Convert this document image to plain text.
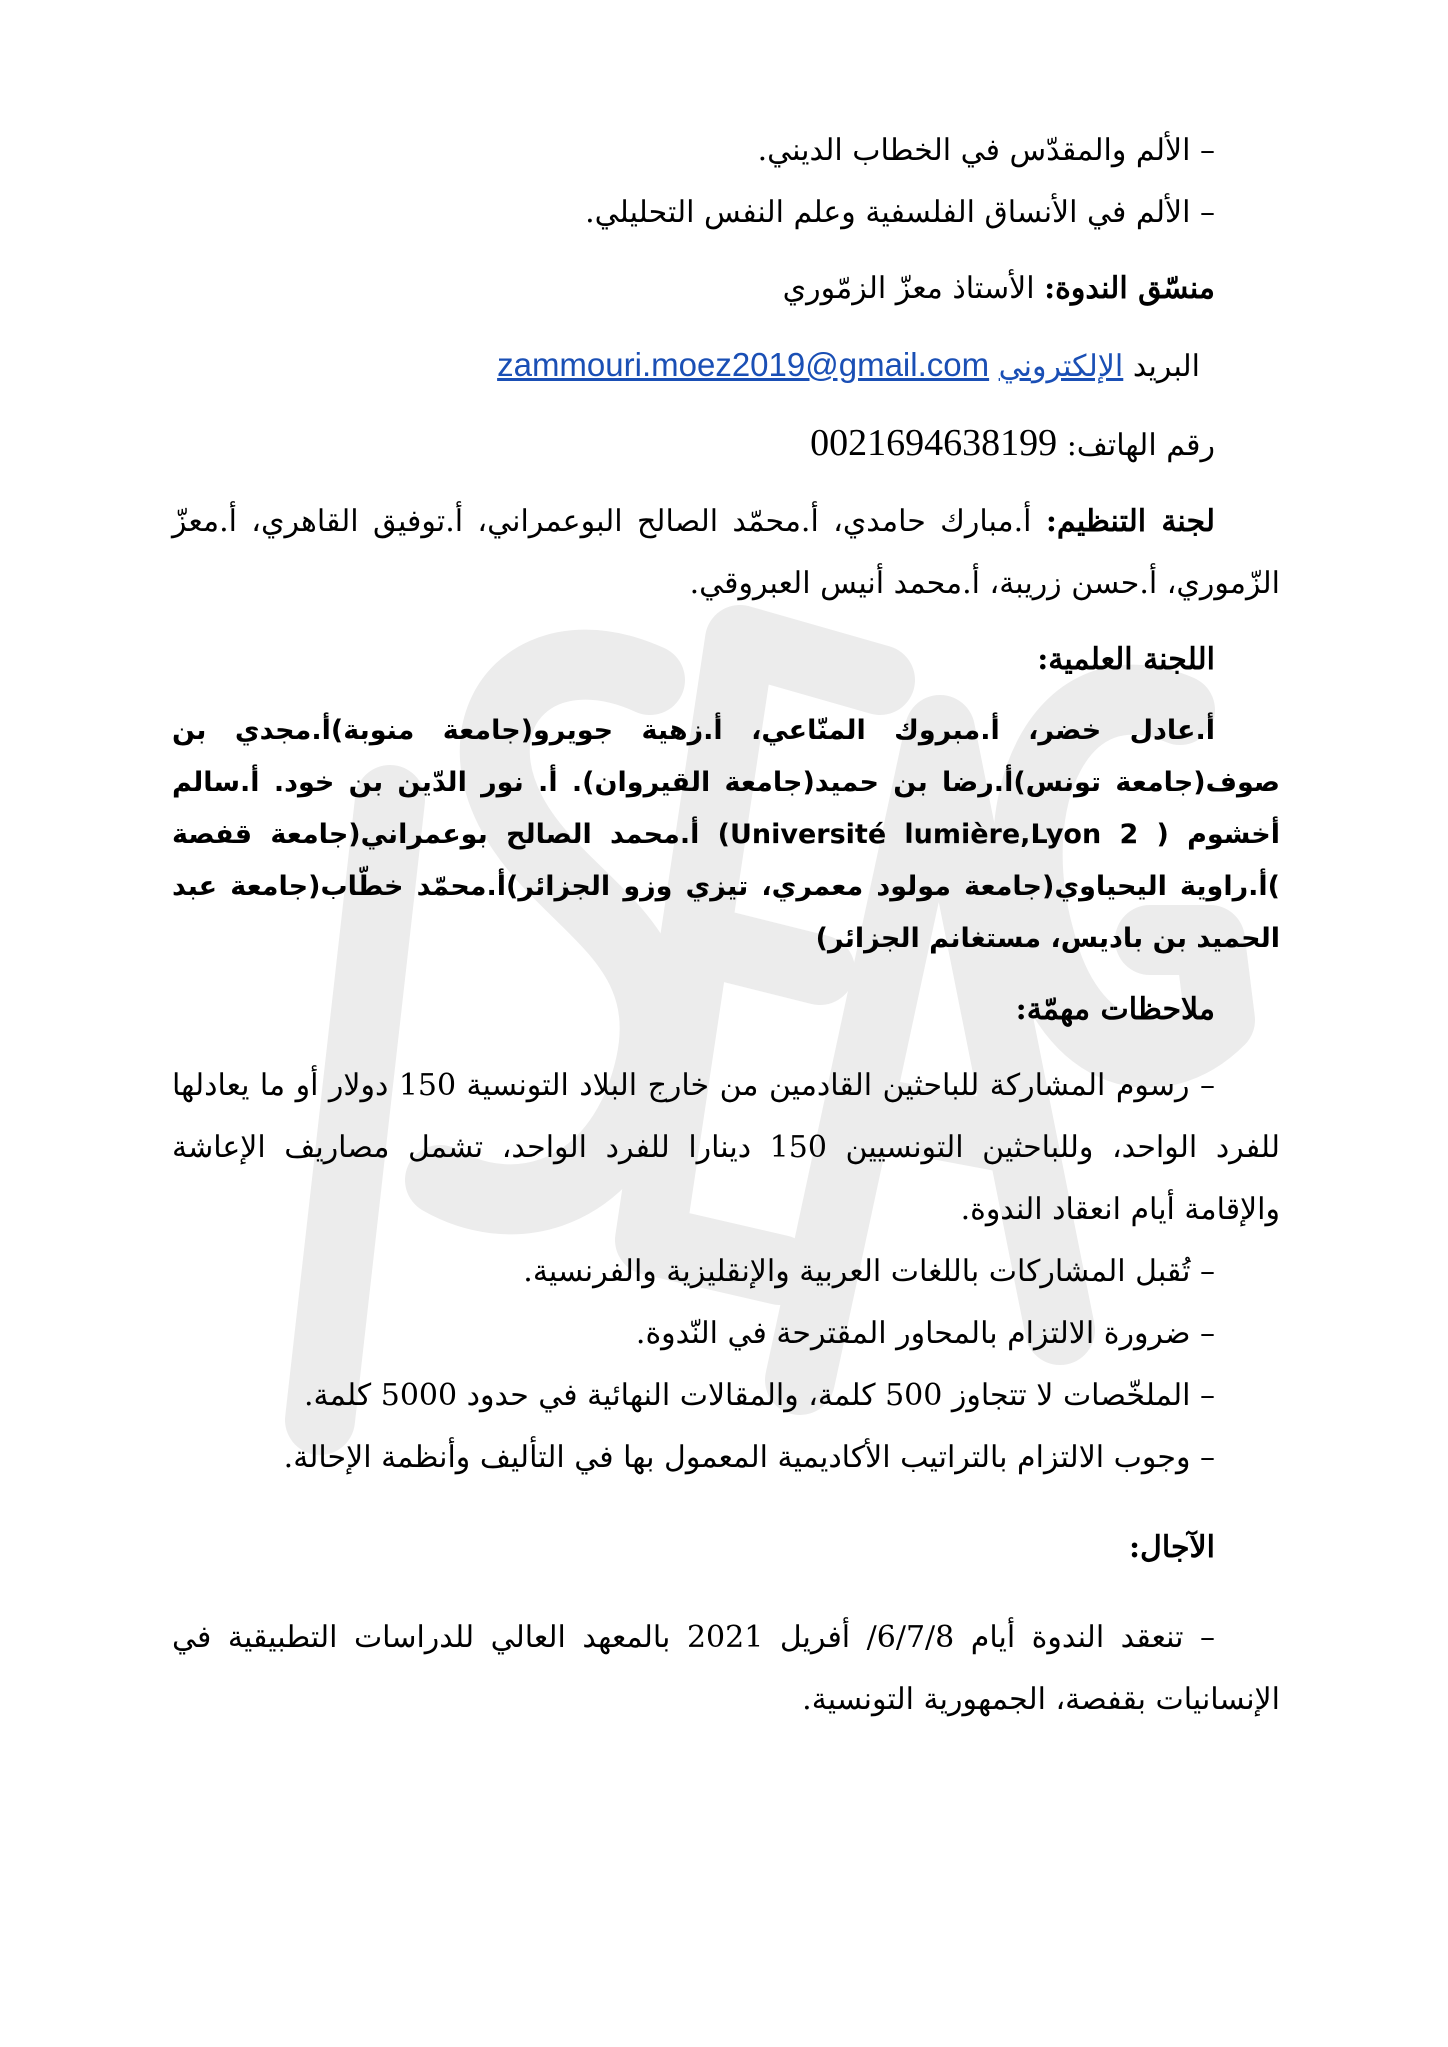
– الألم والمقدّس في الخطاب الديني.

– الألم في الأنساق الفلسفية وعلم النفس التحليلي.

منسّق الندوة: الأستاذ معزّ الزمّوري

البريد الإلكتروني zammouri.moez2019@gmail.com

رقم الهاتف: 0021694638199

لجنة التنظيم: أ.مبارك حامدي، أ.محمّد الصالح البوعمراني، أ.توفيق القاهري، أ.معزّ الزّموري، أ.حسن زريبة، أ.محمد أنيس العبروقي.

اللجنة العلمية:

أ.عادل خضر، أ.مبروك المنّاعي، أ.زهية جويرو(جامعة منوبة)أ.مجدي بن صوف(جامعة تونس)أ.رضا بن حميد(جامعة القيروان). أ. نور الدّين بن خود. أ.سالم أخشوم ( Université lumière,Lyon 2) أ.محمد الصالح بوعمراني(جامعة قفصة )أ.راوية اليحياوي(جامعة مولود معمري، تيزي وزو الجزائر)أ.محمّد خطّاب(جامعة عبد الحميد بن باديس، مستغانم الجزائر)

ملاحظات مهمّة:

– رسوم المشاركة للباحثين القادمين من خارج البلاد التونسية 150 دولار أو ما يعادلها للفرد الواحد، وللباحثين التونسيين 150 دينارا للفرد الواحد، تشمل مصاريف الإعاشة والإقامة أيام انعقاد الندوة.

– تُقبل المشاركات باللغات العربية والإنقليزية والفرنسية.

– ضرورة الالتزام بالمحاور المقترحة في النّدوة.

– الملخّصات لا تتجاوز 500 كلمة، والمقالات النهائية في حدود 5000 كلمة.

– وجوب الالتزام بالتراتيب الأكاديمية المعمول بها في التأليف وأنظمة الإحالة.

الآجال:

– تنعقد الندوة أيام 6/7/8/ أفريل 2021 بالمعهد العالي للدراسات التطبيقية في الإنسانيات بقفصة، الجمهورية التونسية.
